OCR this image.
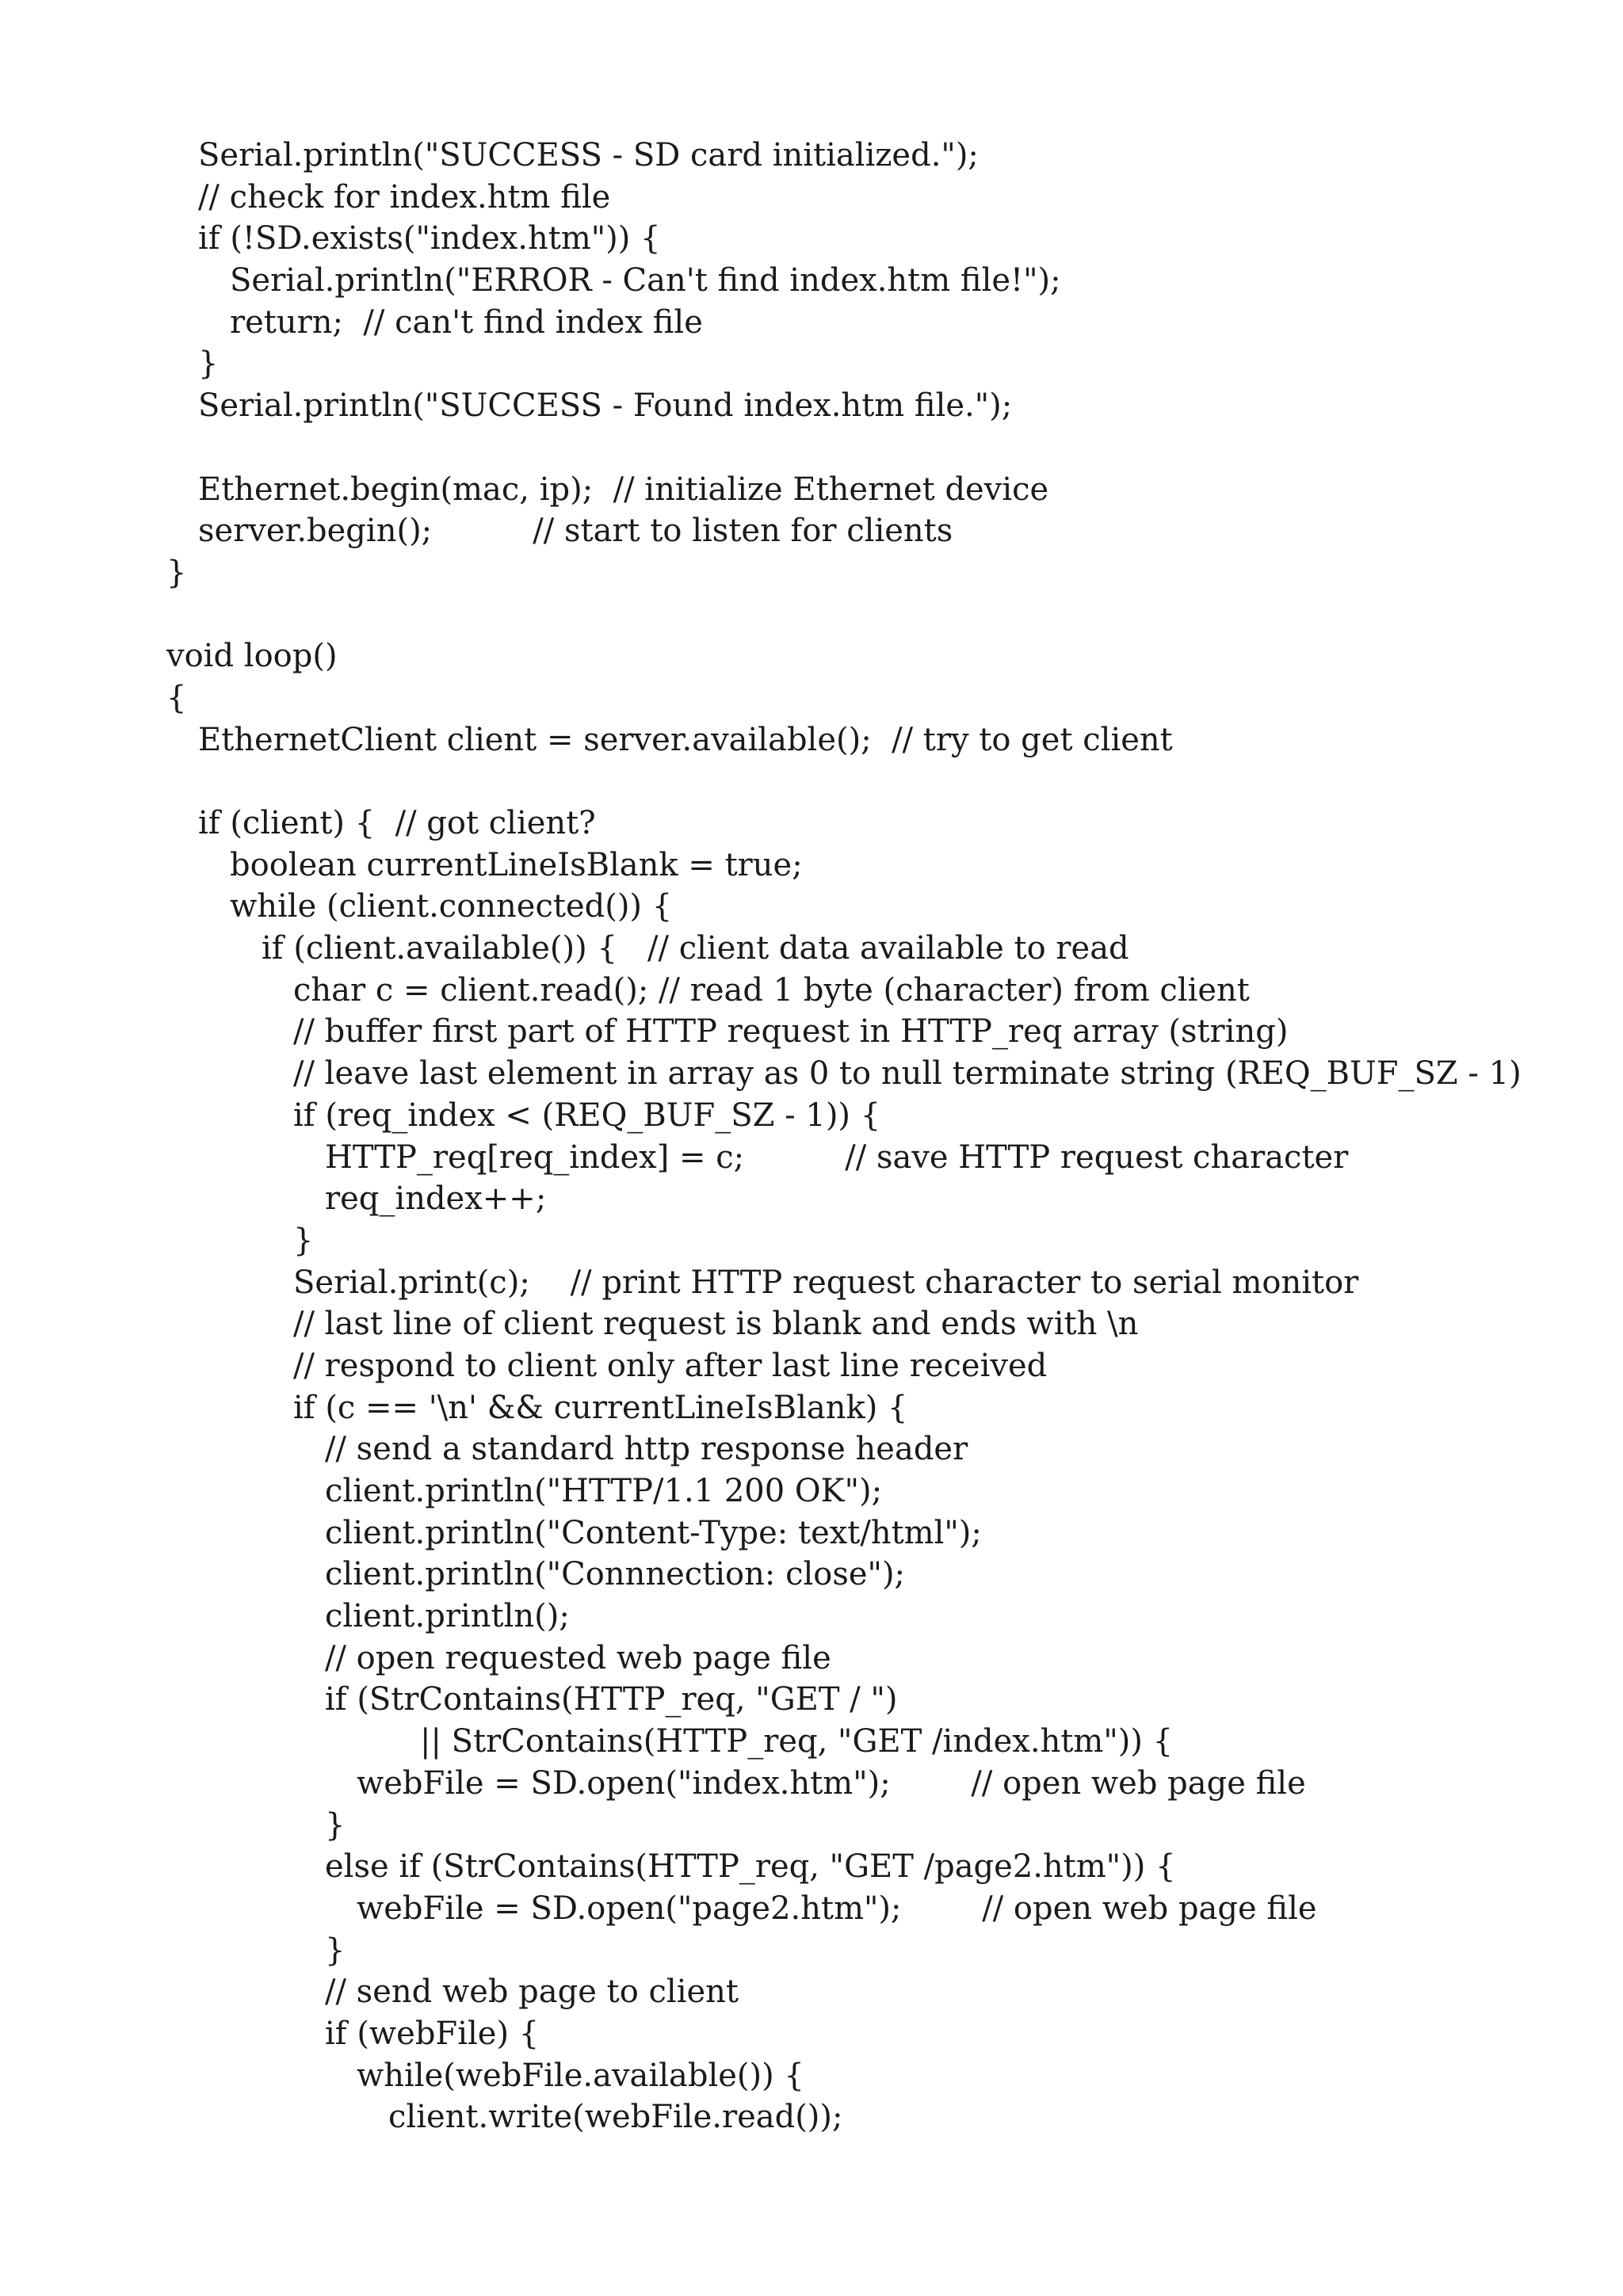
Serial.println("SUCCESS - SD card initialized.");
// check for index.htm file
if (!SD.exists("index.htm")) {
Serial.println("ERROR - Can't find index.htm file!");
return;  // can't find index file
}
Serial.println("SUCCESS - Found index.htm file.");
Ethernet.begin(mac, ip);  // initialize Ethernet device
server.begin();          // start to listen for clients
}
void loop()
{
EthernetClient client = server.available();  // try to get client
if (client) {  // got client?
boolean currentLineIsBlank = true;
while (client.connected()) {
if (client.available()) {   // client data available to read
char c = client.read(); // read 1 byte (character) from client
// buffer first part of HTTP request in HTTP_req array (string)
// leave last element in array as 0 to null terminate string (REQ_BUF_SZ - 1)
if (req_index < (REQ_BUF_SZ - 1)) {
HTTP_req[req_index] = c;          // save HTTP request character
req_index++;
}
Serial.print(c);    // print HTTP request character to serial monitor
// last line of client request is blank and ends with \n
// respond to client only after last line received
if (c == '\n' && currentLineIsBlank) {
// send a standard http response header
client.println("HTTP/1.1 200 OK");
client.println("Content-Type: text/html");
client.println("Connnection: close");
client.println();
// open requested web page file
if (StrContains(HTTP_req, "GET / ")
|| StrContains(HTTP_req, "GET /index.htm")) {
webFile = SD.open("index.htm");        // open web page file
}
else if (StrContains(HTTP_req, "GET /page2.htm")) {
webFile = SD.open("page2.htm");        // open web page file
}
// send web page to client
if (webFile) {
while(webFile.available()) {
client.write(webFile.read());
